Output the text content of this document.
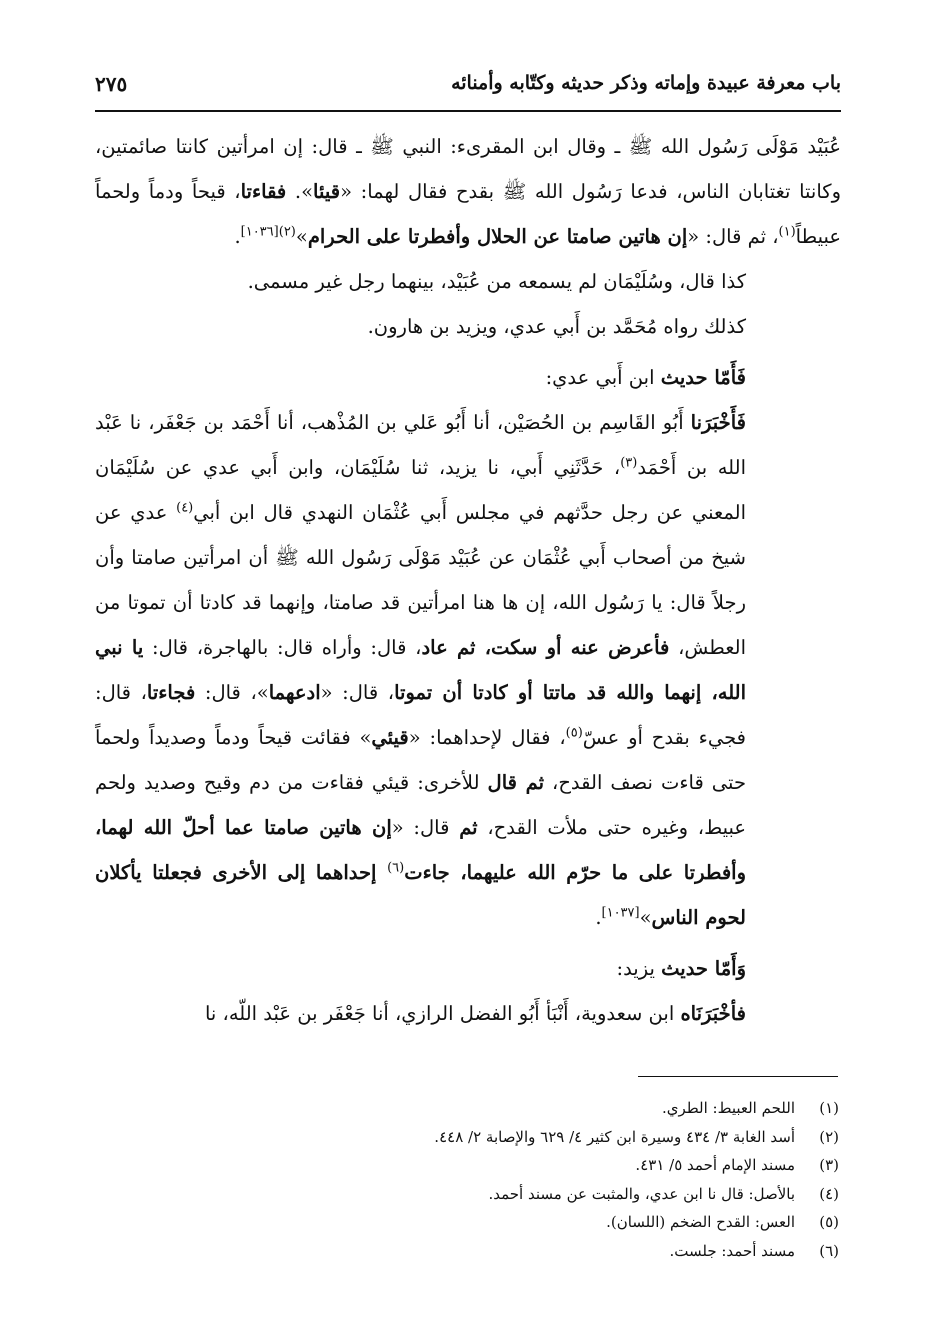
باب معرفة عبيدة وإماته وذكر حديثه وكتّابه وأمنائه
٢٧٥

عُبَيْد مَوْلَى رَسُول الله ﷺ ـ وقال ابن المقرىء: النبي ﷺ ـ قال: إن امرأتين كانتا صائمتين، وكانتا تغتابان الناس، فدعا رَسُول الله ﷺ بقدح فقال لهما: «قيئا». فقاءتا، قيحاً ودماً ولحماً عبيطاً$^{(١)}$، ثم قال: «إن هاتين صامتا عن الحلال وأفطرتا على الحرام»$^{(٢)[١٠٣٦]}$.

كذا قال، وسُلَيْمَان لم يسمعه من عُبَيْد، بينهما رجل غير مسمى.

كذلك رواه مُحَمَّد بن أَبي عدي، ويزيد بن هارون.

فَأَمّا حديث ابن أَبي عدي:

فَأَخْبَرَنا أَبُو القَاسِم بن الحُصَيْن، أنا أَبُو عَلي بن المُذْهب، أنا أَحْمَد بن جَعْفَر، نا عَبْد الله بن أَحْمَد$^{(٣)}$، حَدَّثَنِي أَبي، نا يزيد، ثنا سُلَيْمَان، وابن أَبي عدي عن سُلَيْمَان المعني عن رجل حدَّثهم في مجلس أَبي عُثْمَان النهدي قال ابن أبي$^{(٤)}$ عدي عن شيخ من أصحاب أَبي عُثْمَان عن عُبَيْد مَوْلَى رَسُول الله ﷺ أن امرأتين صامتا وأن رجلاً قال: يا رَسُول الله، إن ها هنا امرأتين قد صامتا، وإنهما قد كادتا أن تموتا من العطش، فأعرض عنه أو سكت، ثم عاد، قال: وأراه قال: بالهاجرة، قال: يا نبي الله، إنهما والله قد ماتتا أو كادتا أن تموتا، قال: «ادعهما»، قال: فجاءتا، قال: فجيء بقدح أو عسّ$^{(٥)}$، فقال لإحداهما: «قيئي» فقائت قيحاً ودماً وصديداً ولحماً حتى قاءت نصف القدح، ثم قال للأخرى: قيئي فقاءت من دم وقيح وصديد ولحم عبيط، وغيره حتى ملأت القدح، ثم قال: «إن هاتين صامتا عما أحلّ الله لهما، وأفطرتا على ما حرّم الله عليهما، جاءت$^{(٦)}$ إحداهما إلى الأخرى فجعلتا يأكلان لحوم الناس»[١٠٣٧].

وَأَمّا حديث يزيد:

فأخْبَرَنَاه ابن سعدوية، أَنْبَأ أَبُو الفضل الرازي، أنا جَعْفَر بن عَبْد اللّه، نا

(١)
اللحم العبيط: الطري.
(٢)
أسد الغابة ٣/ ٤٣٤ وسيرة ابن كثير ٤/ ٦٢٩ والإصابة ٢/ ٤٤٨.
(٣)
مسند الإمام أحمد ٥/ ٤٣١.
(٤)
بالأصل: قال نا ابن عدي، والمثبت عن مسند أحمد.
(٥)
العس: القدح الضخم (اللسان).
(٦)
مسند أحمد: جلست.
